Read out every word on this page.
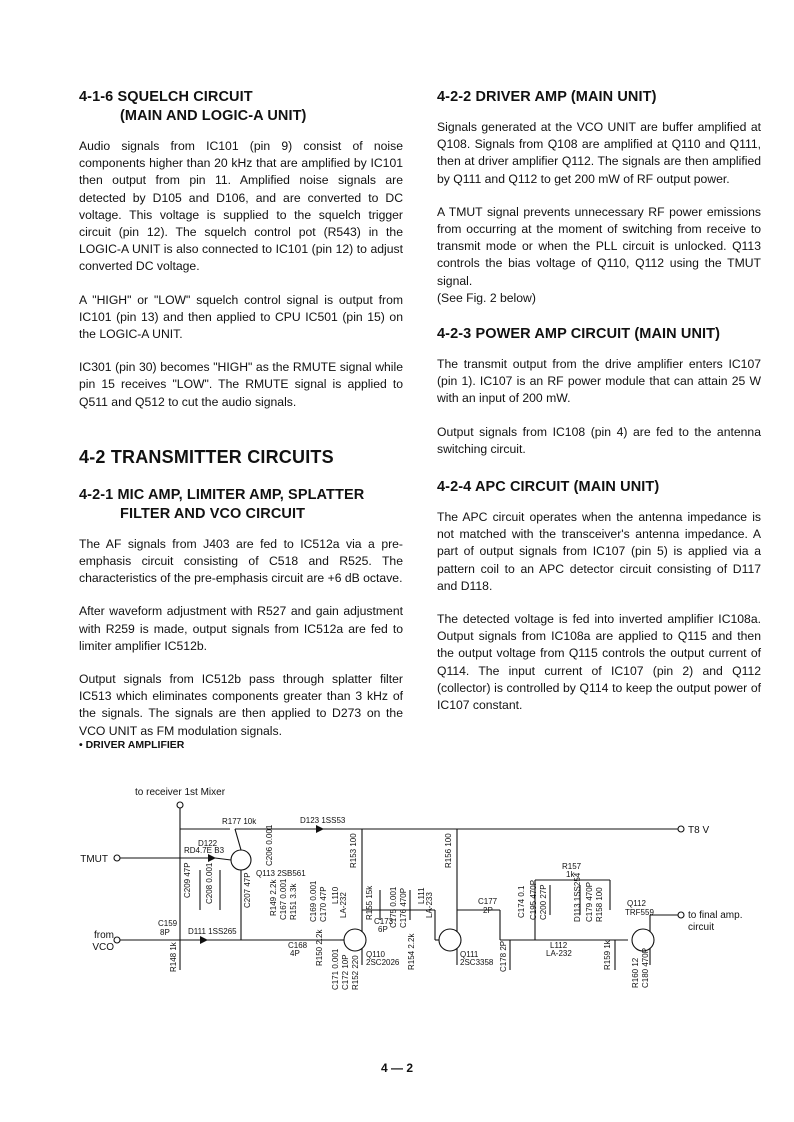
4-1-6 SQUELCH CIRCUIT
(MAIN AND LOGIC-A UNIT)

Audio signals from IC101 (pin 9) consist of noise components higher than 20 kHz that are amplified by IC101 then output from pin 11. Amplified noise signals are detected by D105 and D106, and are converted to DC voltage. This voltage is supplied to the squelch trigger circuit (pin 12). The squelch control pot (R543) in the LOGIC-A UNIT is also connected to IC101 (pin 12) to adjust converted DC voltage.

A "HIGH" or "LOW" squelch control signal is output from IC101 (pin 13) and then applied to CPU IC501 (pin 15) on the LOGIC-A UNIT.

IC301 (pin 30) becomes "HIGH" as the RMUTE signal while pin 15 receives "LOW". The RMUTE signal is applied to Q511 and Q512 to cut the audio signals.

4-2 TRANSMITTER CIRCUITS
4-2-1 MIC AMP, LIMITER AMP, SPLATTER
FILTER AND VCO CIRCUIT

The AF signals from J403 are fed to IC512a via a pre-emphasis circuit consisting of C518 and R525. The characteristics of the pre-emphasis circuit are +6 dB octave.

After waveform adjustment with R527 and gain adjustment with R259 is made, output signals from IC512a are fed to limiter amplifier IC512b.

Output signals from IC512b pass through splatter filter IC513 which eliminates components greater than 3 kHz of the signals. The signals are then applied to D273 on the VCO UNIT as FM modulation signals.

4-2-2 DRIVER AMP (MAIN UNIT)

Signals generated at the VCO UNIT are buffer amplified at Q108. Signals from Q108 are amplified at Q110 and Q111, then at driver amplifier Q112. The signals are then amplified by Q111 and Q112 to get 200 mW of RF output power.

A TMUT signal prevents unnecessary RF power emissions from occurring at the moment of switching from receive to transmit mode or when the PLL circuit is unlocked. Q113 controls the bias voltage of Q110, Q112 using the TMUT signal.
(See Fig. 2 below)

4-2-3 POWER AMP CIRCUIT (MAIN UNIT)

The transmit output from the drive amplifier enters IC107 (pin 1). IC107 is an RF power module that can attain 25 W with an input of 200 mW.

Output signals from IC108 (pin 4) are fed to the antenna switching circuit.

4-2-4 APC CIRCUIT (MAIN UNIT)

The APC circuit operates when the antenna impedance is not matched with the transceiver's antenna impedance. A part of output signals from IC107 (pin 5) is applied via a pattern coil to an APC detector circuit consisting of D117 and D118.

The detected voltage is fed into inverted amplifier IC108a. Output signals from IC108a are applied to Q115 and then the output voltage from Q115 controls the output current of Q114. The input current of IC107 (pin 2) and Q112 (collector) is controlled by Q114 to keep the output power of IC107 constant.

• DRIVER AMPLIFIER

to receiver 1st Mixer
TMUT
from
VCO
T8 V
to final amp.
circuit
R177 10k	D123 1SS53
D122
RD4.7E B3	C206 0.001
Q113 2SB561
R153 100	R156 100	R157
1k
C209 47P C208 0.001	C207 47P R149 2.2k C167 0.001 R151 3.3k C169 0.001 C170 47P L110 LA-232 R155 15k C175 0.001 C176 470P L111 LA-233	C177
2P	C174 0.1 C195 470P C200 27P	D113 1SS254 C179 470P R158 100	Q112
TRF559
C159
8P D111 1SS265
R148 1k	C168
4P R150 2.2k
C173
6P
Q110
2SC2026
C171 0.001 C172 10P R152 220
R154 2.2k	Q111
2SC3358 C178 2P	L112
LA-232	R159 1k
R160 12 C180 470P

4 — 2
